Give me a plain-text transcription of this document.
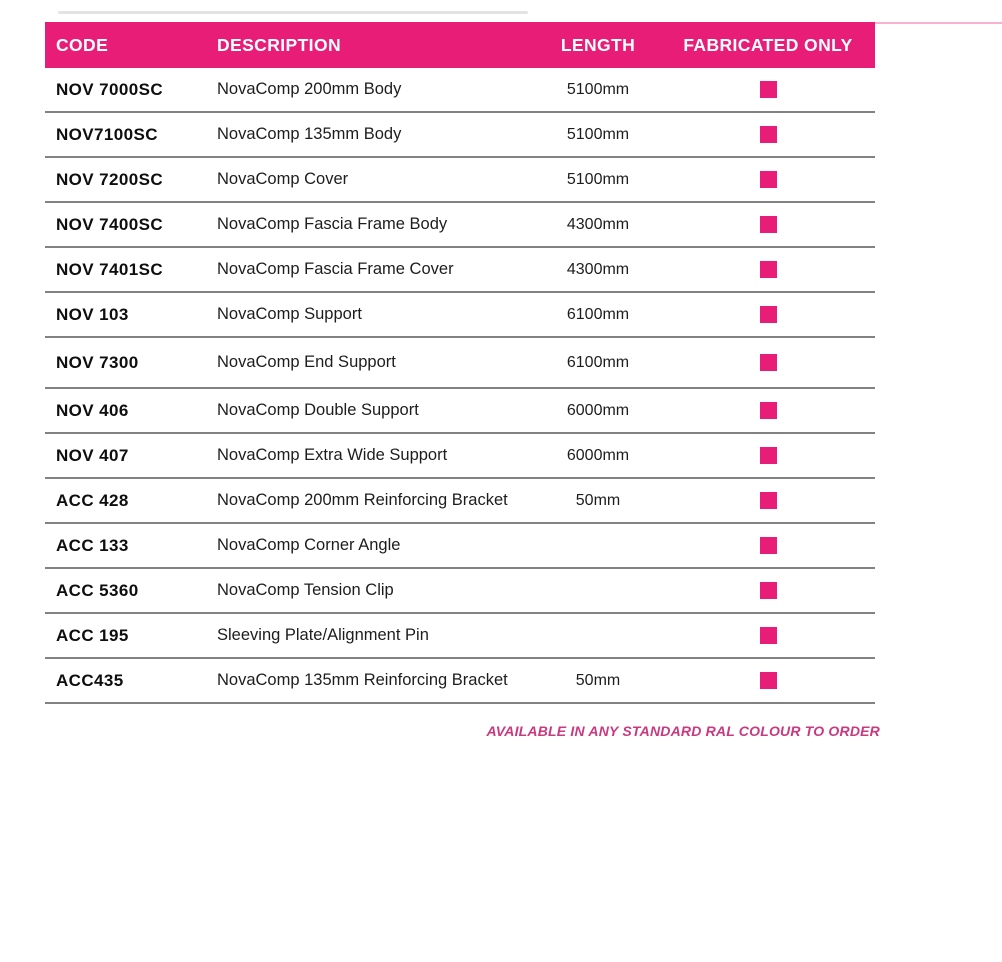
CODE	DESCRIPTION	LENGTH	FABRICATED ONLY
NOV 7000SC	NovaComp 200mm Body	5100mm
NOV7100SC	NovaComp 135mm Body	5100mm
NOV 7200SC	NovaComp Cover	5100mm
NOV 7400SC	NovaComp Fascia Frame Body	4300mm
NOV 7401SC	NovaComp Fascia Frame Cover	4300mm
NOV 103	NovaComp Support	6100mm
NOV 7300	NovaComp End Support	6100mm
NOV 406	NovaComp Double Support	6000mm
NOV 407	NovaComp Extra Wide Support	6000mm
ACC 428	NovaComp 200mm Reinforcing Bracket	50mm
ACC 133	NovaComp Corner Angle
ACC 5360	NovaComp Tension Clip
ACC 195	Sleeving Plate/Alignment Pin
ACC435	NovaComp 135mm Reinforcing Bracket	50mm
AVAILABLE IN ANY STANDARD RAL COLOUR TO ORDER
